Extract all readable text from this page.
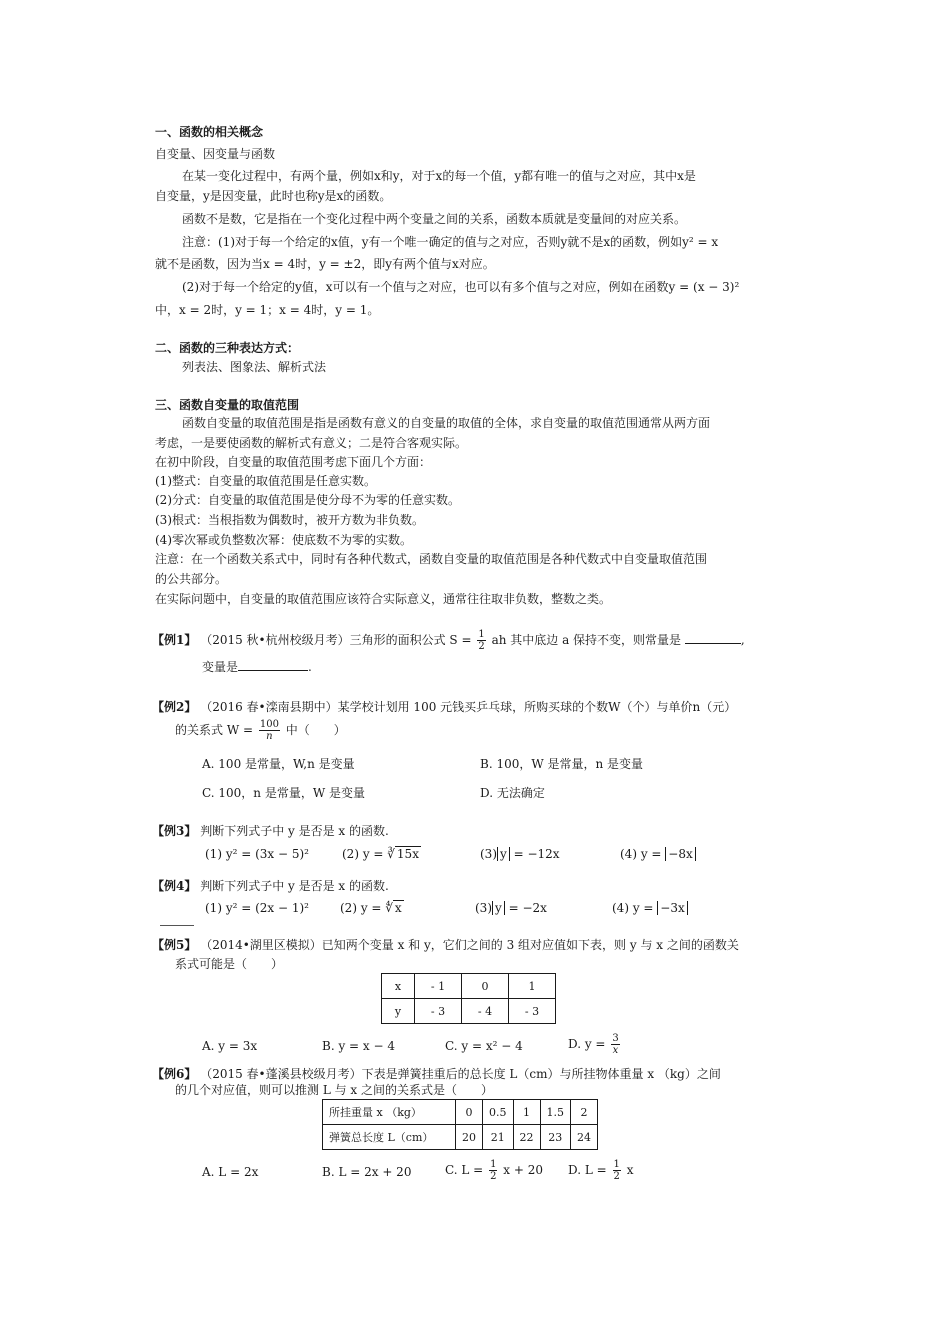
一、函数的相关概念
自变量、因变量与函数
在某一变化过程中，有两个量，例如x和y，对于x的每一个值，y都有唯一的值与之对应，其中x是
自变量，y是因变量，此时也称y是x的函数。
函数不是数，它是指在一个变化过程中两个变量之间的关系，函数本质就是变量间的对应关系。
注意：(1)对于每一个给定的x值，y有一个唯一确定的值与之对应，否则y就不是x的函数，例如y² = x
就不是函数，因为当x = 4时，y = ±2，即y有两个值与x对应。
(2)对于每一个给定的y值，x可以有一个值与之对应，也可以有多个值与之对应，例如在函数y = (x − 3)²
中，x = 2时，y = 1；x = 4时，y = 1。
二、函数的三种表达方式：
列表法、图象法、解析式法
三、函数自变量的取值范围
函数自变量的取值范围是指是函数有意义的自变量的取值的全体，求自变量的取值范围通常从两方面
考虑，一是要使函数的解析式有意义；二是符合客观实际。
在初中阶段，自变量的取值范围考虑下面几个方面：
(1)整式：自变量的取值范围是任意实数。
(2)分式：自变量的取值范围是使分母不为零的任意实数。
(3)根式：当根指数为偶数时，被开方数为非负数。
(4)零次幂或负整数次幂：使底数不为零的实数。
注意：在一个函数关系式中，同时有各种代数式，函数自变量的取值范围是各种代数式中自变量取值范围
的公共部分。
在实际问题中，自变量的取值范围应该符合实际意义，通常往往取非负数，整数之类。
【例1】 （2015 秋•杭州校级月考）三角形的面积公式 $S = \frac{1}{2}$ ah 其中底边 a 保持不变，则常量是	,
变量是	.
【例2】 （2016 春•滦南县期中）某学校计划用 100 元钱买乒乓球，所购买球的个数W（个）与单价n（元）
的关系式 $W = \frac{100}{n}$ 中（　　）
A. 100 是常量，W,n 是变量	B. 100，W 是常量，n 是变量
C. 100，n 是常量，W 是变量	D. 无法确定
【例3】 判断下列式子中 y 是否是 x 的函数.
(1) y² = (3x − 5)²	(2) y = ∛ 15x	(3) y = −12x	(4) y = −8x
【例4】 判断下列式子中 y 是否是 x 的函数.
(1) y² = (2x − 1)²	(2) y = ∜ x	(3) y = −2x	(4) y = −3x
【例5】 （2014•湖里区模拟）已知两个变量 x 和 y，它们之间的 3 组对应值如下表，则 y 与 x 之间的函数关
系式可能是（　　）
x	- 1	0	1
y	- 3	- 4	- 3
A. y = 3x	B. y = x − 4	C. y = x² − 4	D. $y = \frac{3}{x}$
【例6】 （2015 春•蓬溪县校级月考）下表是弹簧挂重后的总长度 L（cm）与所挂物体重量 x （kg）之间
的几个对应值，则可以推测 L 与 x 之间的关系式是（　　）
所挂重量 x （kg）	0	0.5	1	1.5	2
弹簧总长度 L（cm）	20	21	22	23	24
A. L = 2x	B. L = 2x + 20	C. $L = \frac{1}{2}$ x + 20 D. $L = \frac{1}{2}$ x
